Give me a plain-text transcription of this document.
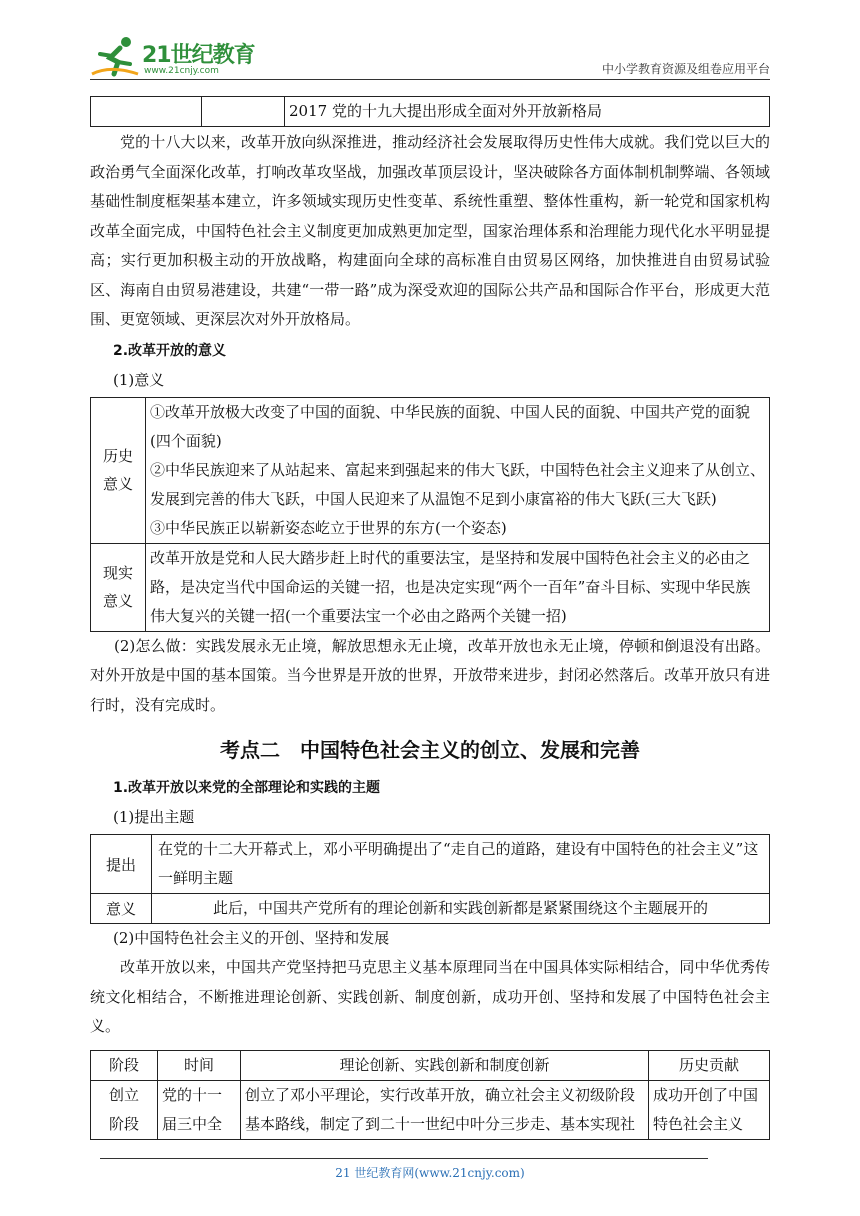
21世纪教育
www.21cnjy.com	中小学教育资源及组卷应用平台
		2017 党的十九大提出形成全面对外开放新格局

党的十八大以来，改革开放向纵深推进，推动经济社会发展取得历史性伟大成就。我们党以巨大的政治勇气全面深化改革，打响改革攻坚战，加强改革顶层设计，坚决破除各方面体制机制弊端、各领域基础性制度框架基本建立，许多领域实现历史性变革、系统性重塑、整体性重构，新一轮党和国家机构改革全面完成，中国特色社会主义制度更加成熟更加定型，国家治理体系和治理能力现代化水平明显提高；实行更加积极主动的开放战略，构建面向全球的高标准自由贸易区网络，加快推进自由贸易试验区、海南自由贸易港建设，共建“一带一路”成为深受欢迎的国际公共产品和国际合作平台，形成更大范围、更宽领域、更深层次对外开放格局。

2.改革开放的意义

(1)意义

历史意义	①改革开放极大改变了中国的面貌、中华民族的面貌、中国人民的面貌、中国共产党的面貌(四个面貌)
②中华民族迎来了从站起来、富起来到强起来的伟大飞跃，中国特色社会主义迎来了从创立、发展到完善的伟大飞跃，中国人民迎来了从温饱不足到小康富裕的伟大飞跃(三大飞跃)
③中华民族正以崭新姿态屹立于世界的东方(一个姿态)

现实意义	改革开放是党和人民大踏步赶上时代的重要法宝，是坚持和发展中国特色社会主义的必由之路，是决定当代中国命运的关键一招，也是决定实现“两个一百年”奋斗目标、实现中华民族伟大复兴的关键一招(一个重要法宝一个必由之路两个关键一招)

(2)怎么做：实践发展永无止境，解放思想永无止境，改革开放也永无止境，停顿和倒退没有出路。对外开放是中国的基本国策。当今世界是开放的世界，开放带来进步，封闭必然落后。改革开放只有进行时，没有完成时。

考点二　中国特色社会主义的创立、发展和完善

1.改革开放以来党的全部理论和实践的主题

(1)提出主题

提出	在党的十二大开幕式上，邓小平明确提出了“走自己的道路，建设有中国特色的社会主义”这一鲜明主题
意义	此后，中国共产党所有的理论创新和实践创新都是紧紧围绕这个主题展开的

(2)中国特色社会主义的开创、坚持和发展

改革开放以来，中国共产党坚持把马克思主义基本原理同当在中国具体实际相结合，同中华优秀传统文化相结合，不断推进理论创新、实践创新、制度创新，成功开创、坚持和发展了中国特色社会主义。

阶段	时间	理论创新、实践创新和制度创新	历史贡献
创立阶段	党的十一届三中全	创立了邓小平理论，实行改革开放，确立社会主义初级阶段基本路线，制定了到二十一世纪中叶分三步走、基本实现社	成功开创了中国特色社会主义
21 世纪教育网(www.21cnjy.com)
